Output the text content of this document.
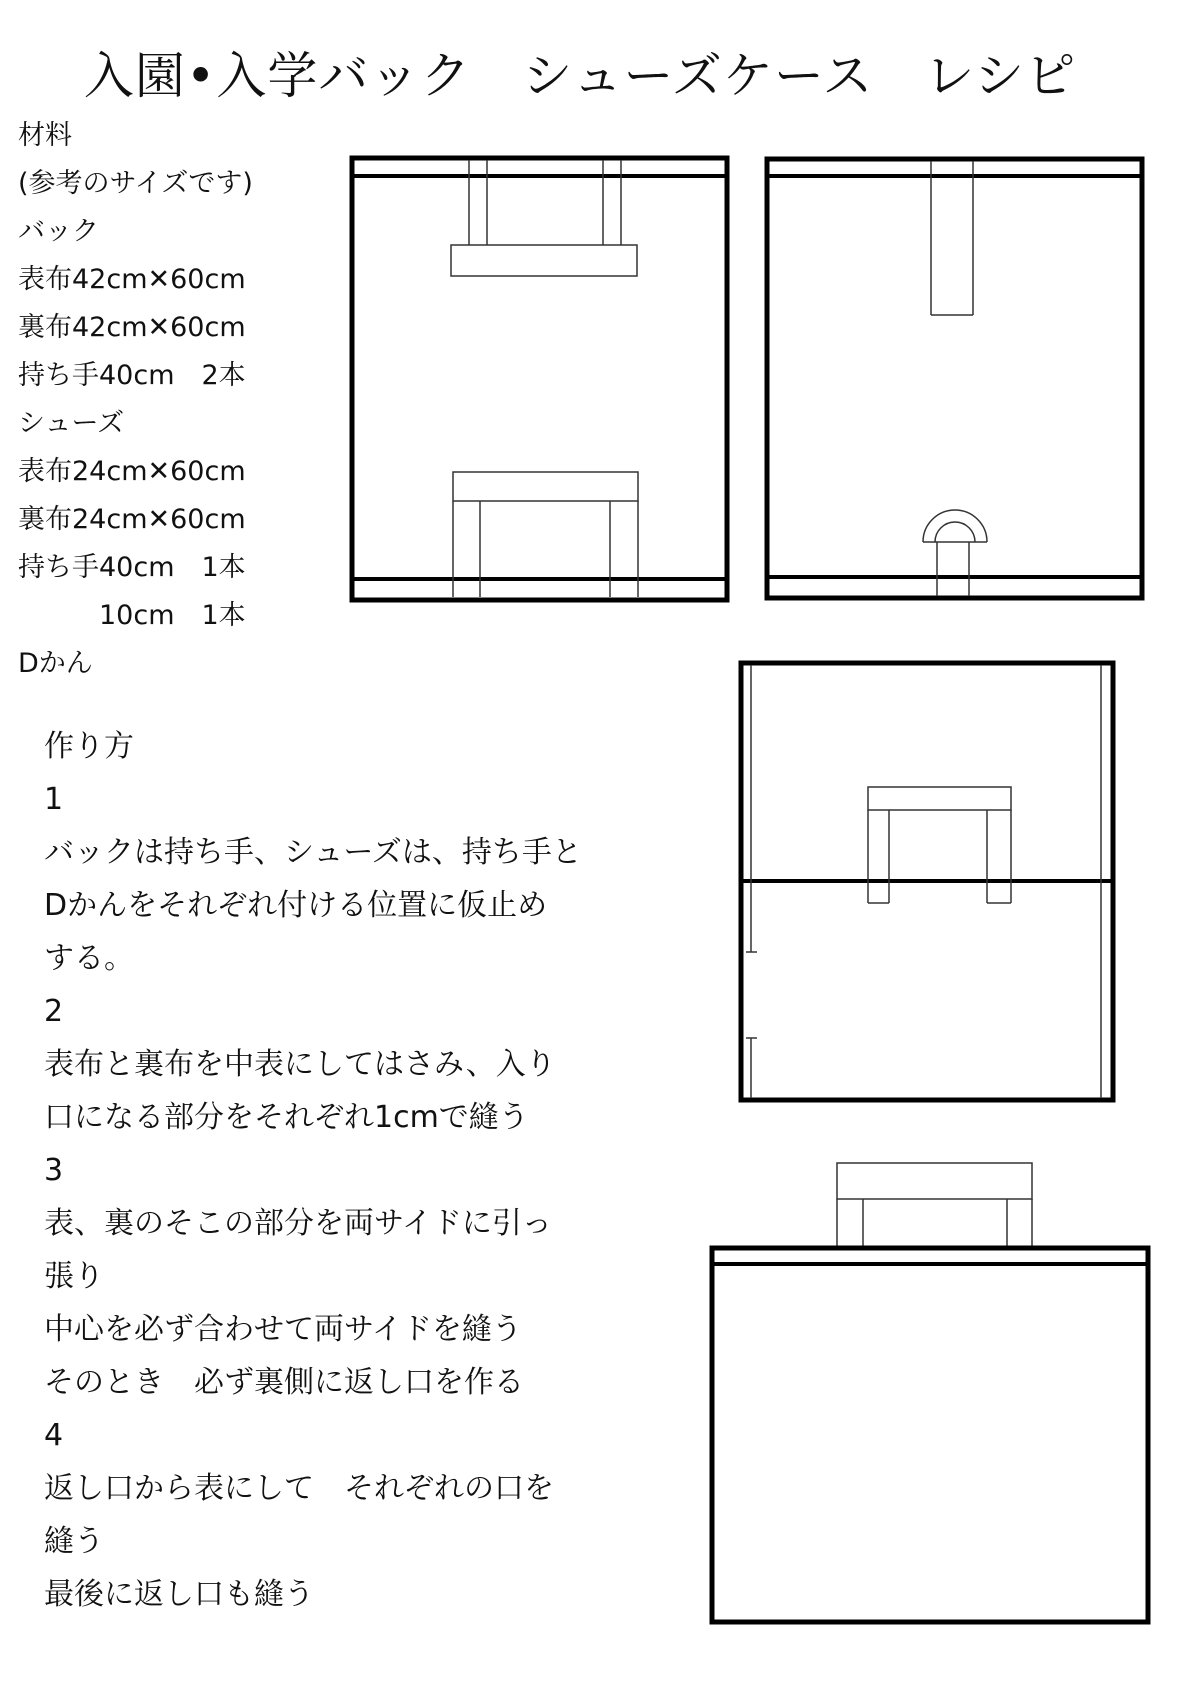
入園•入学バック　シューズケース　レシピ
材料
(参考のサイズです)
バック
表布42cm✕60cm
裏布42cm✕60cm
持ち手40cm　2本
シューズ
表布24cm✕60cm
裏布24cm✕60cm
持ち手40cm　1本
　　　10cm　1本
Dかん
作り方
1
バックは持ち手、シューズは、持ち手と
Dかんをそれぞれ付ける位置に仮止め
する。
2
表布と裏布を中表にしてはさみ、入り
口になる部分をそれぞれ1cmで縫う
3
表、裏のそこの部分を両サイドに引っ
張り
中心を必ず合わせて両サイドを縫う
そのとき　必ず裏側に返し口を作る
4
返し口から表にして　それぞれの口を
縫う
最後に返し口も縫う
